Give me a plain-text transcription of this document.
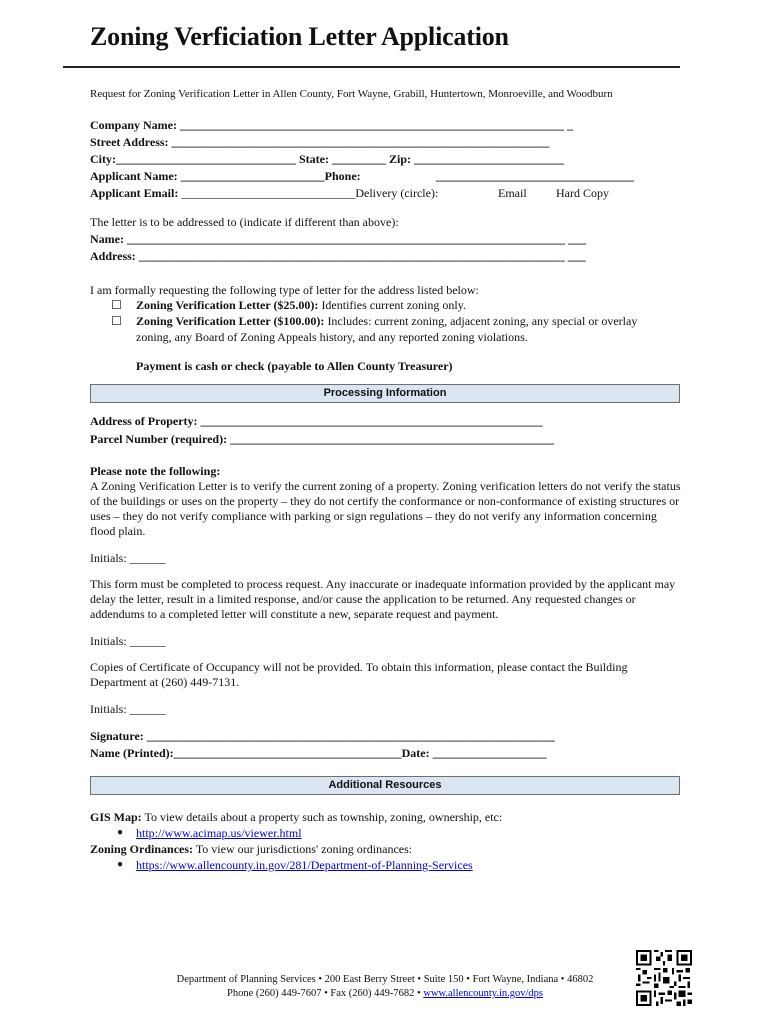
Zoning Verficiation Letter Application
Request for Zoning Verification Letter in Allen County, Fort Wayne, Grabill, Huntertown, Monroeville, and Woodburn
Company Name: ________________________________________________________________ _
Street Address: _______________________________________________________________
City:______________________________ State: _________ Zip: _________________________
Applicant Name: ________________________Phone:	_________________________________
Applicant Email: _____________________________Delivery (circle):	Email Hard Copy
The letter is to be addressed to (indicate if different than above):
Name: _________________________________________________________________________ ___
Address: _______________________________________________________________________ ___
I am formally requesting the following type of letter for the address listed below:
☐ Zoning Verification Letter ($25.00): Identifies current zoning only.
☐ Zoning Verification Letter ($100.00): Includes: current zoning, adjacent zoning, any special or overlay
zoning, any Board of Zoning Appeals history, and any reported zoning violations.
Payment is cash or check (payable to Allen County Treasurer)
Processing Information
Address of Property: _________________________________________________________
Parcel Number (required): ______________________________________________________
Please note the following:
A Zoning Verification Letter is to verify the current zoning of a property. Zoning verification letters do not verify the status of the buildings or uses on the property – they do not certify the conformance or non-conformance of existing structures or uses – they do not verify compliance with parking or sign regulations – they do not verify any information concerning flood plain.
Initials: ______
This form must be completed to process request. Any inaccurate or inadequate information provided by the applicant may delay the letter, result in a limited response, and/or cause the application to be returned. Any requested changes or addendums to a completed letter will constitute a new, separate request and payment.
Initials: ______
Copies of Certificate of Occupancy will not be provided. To obtain this information, please contact the Building Department at (260) 449-7131.
Initials: ______
Signature: ____________________________________________________________________
Name (Printed):______________________________________Date: ___________________
Additional Resources
GIS Map: To view details about a property such as township, zoning, ownership, etc:
● http://www.acimap.us/viewer.html
Zoning Ordinances: To view our jurisdictions' zoning ordinances:
● https://www.allencounty.in.gov/281/Department-of-Planning-Services
Department of Planning Services • 200 East Berry Street • Suite 150 • Fort Wayne, Indiana • 46802
Phone (260) 449-7607 • Fax (260) 449-7682 • www.allencounty.in.gov/dps
